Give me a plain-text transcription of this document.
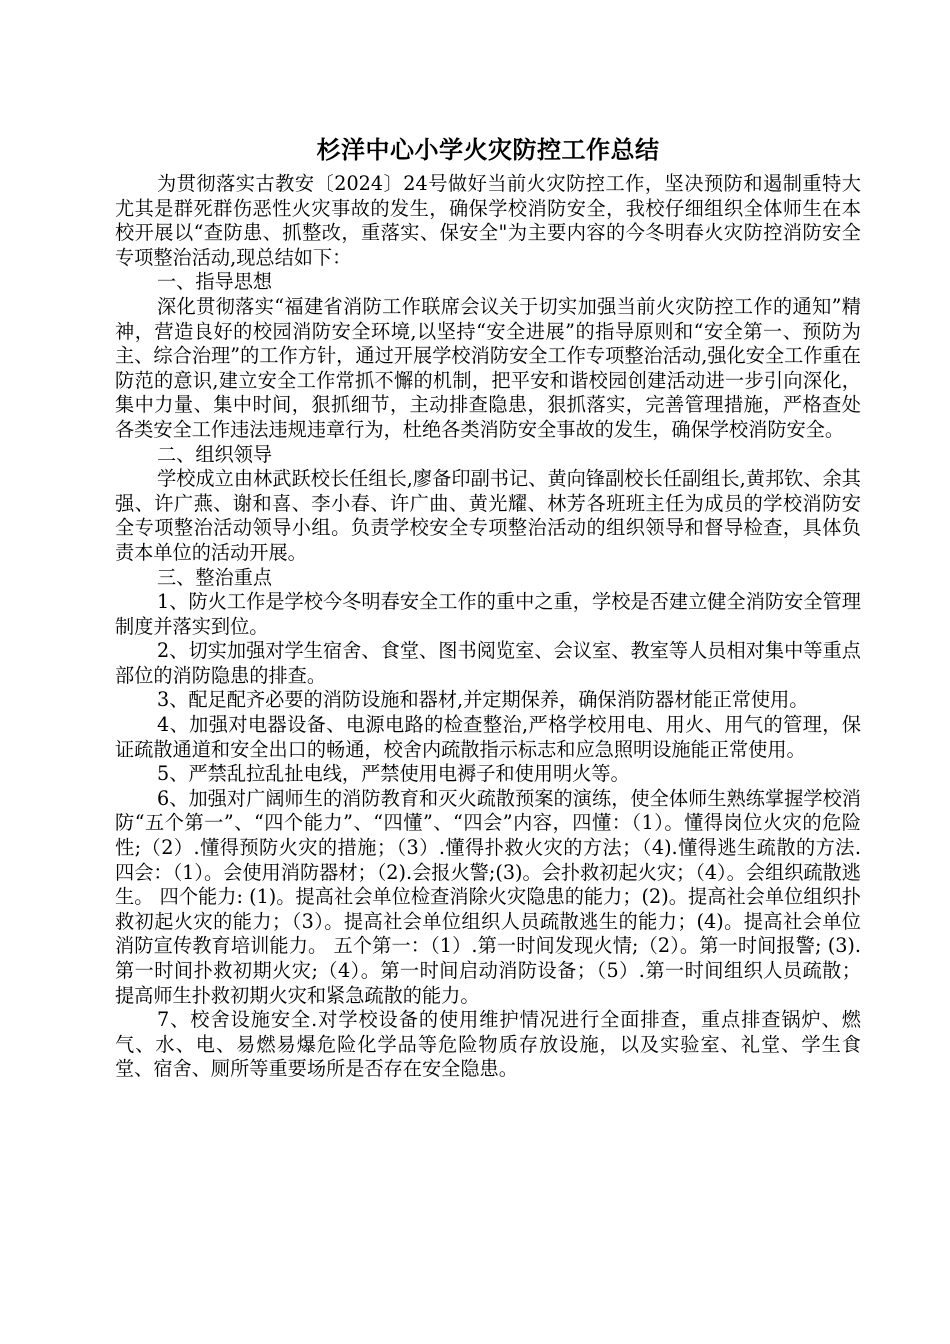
杉洋中心小学火灾防控工作总结

为贯彻落实古教安〔2024〕24号做好当前火灾防控工作，坚决预防和遏制重特大尤其是群死群伤恶性火灾事故的发生，确保学校消防安全，我校仔细组织全体师生在本校开展以“查防患、抓整改，重落实、保安全"为主要内容的今冬明春火灾防控消防安全专项整治活动,现总结如下：

一、指导思想

深化贯彻落实“福建省消防工作联席会议关于切实加强当前火灾防控工作的通知”精神，营造良好的校园消防安全环境,以坚持“安全进展”的指导原则和“安全第一、预防为主、综合治理”的工作方针，通过开展学校消防安全工作专项整治活动,强化安全工作重在防范的意识,建立安全工作常抓不懈的机制，把平安和谐校园创建活动进一步引向深化，集中力量、集中时间，狠抓细节，主动排查隐患，狠抓落实，完善管理措施，严格查处各类安全工作违法违规违章行为，杜绝各类消防安全事故的发生，确保学校消防安全。

二、组织领导

学校成立由林武跃校长任组长,廖备印副书记、黄向锋副校长任副组长,黄邦钦、余其强、许广燕、谢和喜、李小春、许广曲、黄光耀、林芳各班班主任为成员的学校消防安全专项整治活动领导小组。负责学校安全专项整治活动的组织领导和督导检查，具体负责本单位的活动开展。

三、整治重点

1、防火工作是学校今冬明春安全工作的重中之重，学校是否建立健全消防安全管理制度并落实到位。

2、切实加强对学生宿舍、食堂、图书阅览室、会议室、教室等人员相对集中等重点部位的消防隐患的排查。

3、配足配齐必要的消防设施和器材,并定期保养，确保消防器材能正常使用。

4、加强对电器设备、电源电路的检查整治,严格学校用电、用火、用气的管理，保证疏散通道和安全出口的畅通，校舍内疏散指示标志和应急照明设施能正常使用。

5、严禁乱拉乱扯电线，严禁使用电褥子和使用明火等。

6、加强对广阔师生的消防教育和灭火疏散预案的演练，使全体师生熟练掌握学校消防“五个第一”、“四个能力”、“四懂”、“四会”内容，四懂：（1）。懂得岗位火灾的危险性;（2）.懂得预防火灾的措施；（3）.懂得扑救火灾的方法；（4).懂得逃生疏散的方法. 四会：（1）。会使用消防器材；（2).会报火警;(3)。会扑救初起火灾；（4）。会组织疏散逃生。 四个能力: (1)。提高社会单位检查消除火灾隐患的能力；(2)。提高社会单位组织扑救初起火灾的能力；（3）。提高社会单位组织人员疏散逃生的能力；(4)。提高社会单位消防宣传教育培训能力。 五个第一：（1）.第一时间发现火情;（2）。第一时间报警; (3).第一时间扑救初期火灾;（4）。第一时间启动消防设备；（5）.第一时间组织人员疏散；提高师生扑救初期火灾和紧急疏散的能力。

7、校舍设施安全.对学校设备的使用维护情况进行全面排查，重点排查锅炉、燃气、水、电、易燃易爆危险化学品等危险物质存放设施，以及实验室、礼堂、学生食堂、宿舍、厕所等重要场所是否存在安全隐患。
